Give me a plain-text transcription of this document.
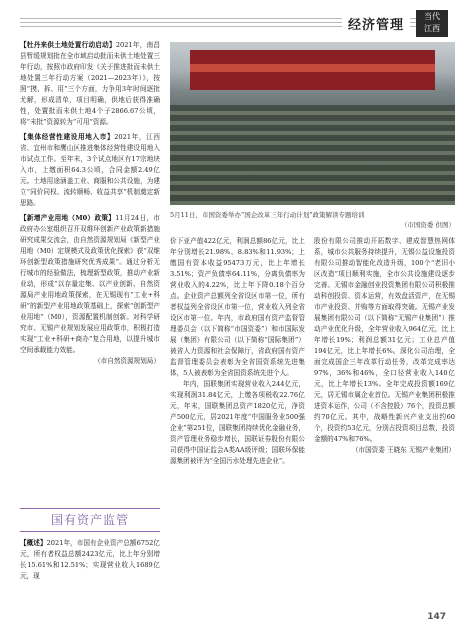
经济管理
当代
江西

【牡丹来供土地处置行动启动】2021年，南昌县暂缓规划批在全市域启动批而未供土地处置三年行动，按照市政府印发《关于推进批而未供土地处置三年行动方案（2021—2023年）》，按照“摸、拆、用”三个方面，力争用3年时间逐批尤解，形成清单，项目明确，供地后获得准确性，处置批而未供土地4个子2866.67公顷，将“未批”资源转为“可用”资源。

【集体经营性建设用地入市】2021年，江西省、宜州市和鹰山区推进集体经营性建设用地入市试点工作。至年末，3个试点地区有17宗地块入市，上缴面积64.3公顷，合同金额2.49亿元。土地用途涵盖工业、商服和公共设施，为建立“同价同权、流转顺畅、收益共享”机制奠定新思路。

【新增产业用地（M0）政策】11月24日，市政府办公室组织召开双维环创新产业政策新措施研究成果交流会，由自然资源规划局《新型产业用地（M0）定规模式及政策优化探索》获“双维环创新型政策措施研究优秀成果”。通过分析无行城市的经验做法，梳理新型政策，推动产业新业动，形成“以存量定集、以产业创新、自然资源局产业用地政策探索，在无锡现有“工业+科研”的新型产业用地政策基础上，探索“创新型产业用地”（M0），资源配置机制创新。对科学研究市、无锡产业规划发展应用政策市，积极打造实现“工业+科研+商办”复合用地，以提升城市空间承载能力效能。
（市自然资源规划局）

5月11日，市国资委举办“国企改革三年行动计划”政策解读专题培训
（市国资委 供图）

价下亚产值422亿元，利润总额86亿元，比上年分别增长21.98%、8.83%和11.93%；上缴国有资本收益95473万元，比上年增长3.51%；资产负债率64.11%，分离负债率为营业收入的4.22%，比上年下降0.18个百分点。企业资产总额列全省设区市第一位，所有者权益列全省设区市第一位，营业收入列全省设区市第一位。年内，市政府国有资产监督管理委员会（以下简称“市国资委”）和市国际发展（集团）有限公司（以下简称“国际集团”）被省人力资源和社会保障厅，省政府国有资产监督管理委员会表彰为全省国资系统先进集体，5人被表彰为全省国资系统先进个人。

年内，国联集团实现营业收入244亿元，实现利润31.84亿元，上缴各项税收22.76亿元，年末，国联集团总资产1820亿元，净资产500亿元，居2021年度“中国服务业500强企业”第251位，国联集团持续优化金融业务，资产管理业务稳步增长，国联证券股份有限公司获得中国证监会A类AA级评级；国联环保能源集团被评为“全国污水处理先进企业”。

股份有限公司推动开拓数字、建成智慧热网体系，城市公共服务持续提升，无锡公益设施投资有限公司推动智能化改造升级，100个“老旧小区改造”项目顺利实施，全市公共设施建设逐步完善。无锡市金融创业投资集团有限公司积极推动科创投资、资本运营，有效盘活资产，在无锡市产业投资、并购等方面取得突破。无锡产业发展集团有限公司（以下简称“无锡产业集团”）推动产业优化升级，全年营业收入964亿元，比上年增长19%；利润总额31亿元；工业总产值194亿元，比上年增长6%。深化公司治理，全面完成国企三年改革行动任务，改革完成率达97%，36%和46%，全口径营业收入140亿元，比上年增长13%。全年完成投资额169亿元，居无锡市属企业首位。无锡产业集团积极推进资本运作，公司（不含控股）76个，投资总额约70亿元。其中，战略性新兴产业支出约60个，投资约53亿元，分别占投资项目总数，投资金额的47%和76%。

（市国资委 王晓东 无锡产业集团）
国有资产监管

【概述】2021年，市国有企业资产总额6752亿元，所有者权益总额2423亿元，比上年分别增长15.61%和12.51%；实现营业收入1689亿元，现

147
